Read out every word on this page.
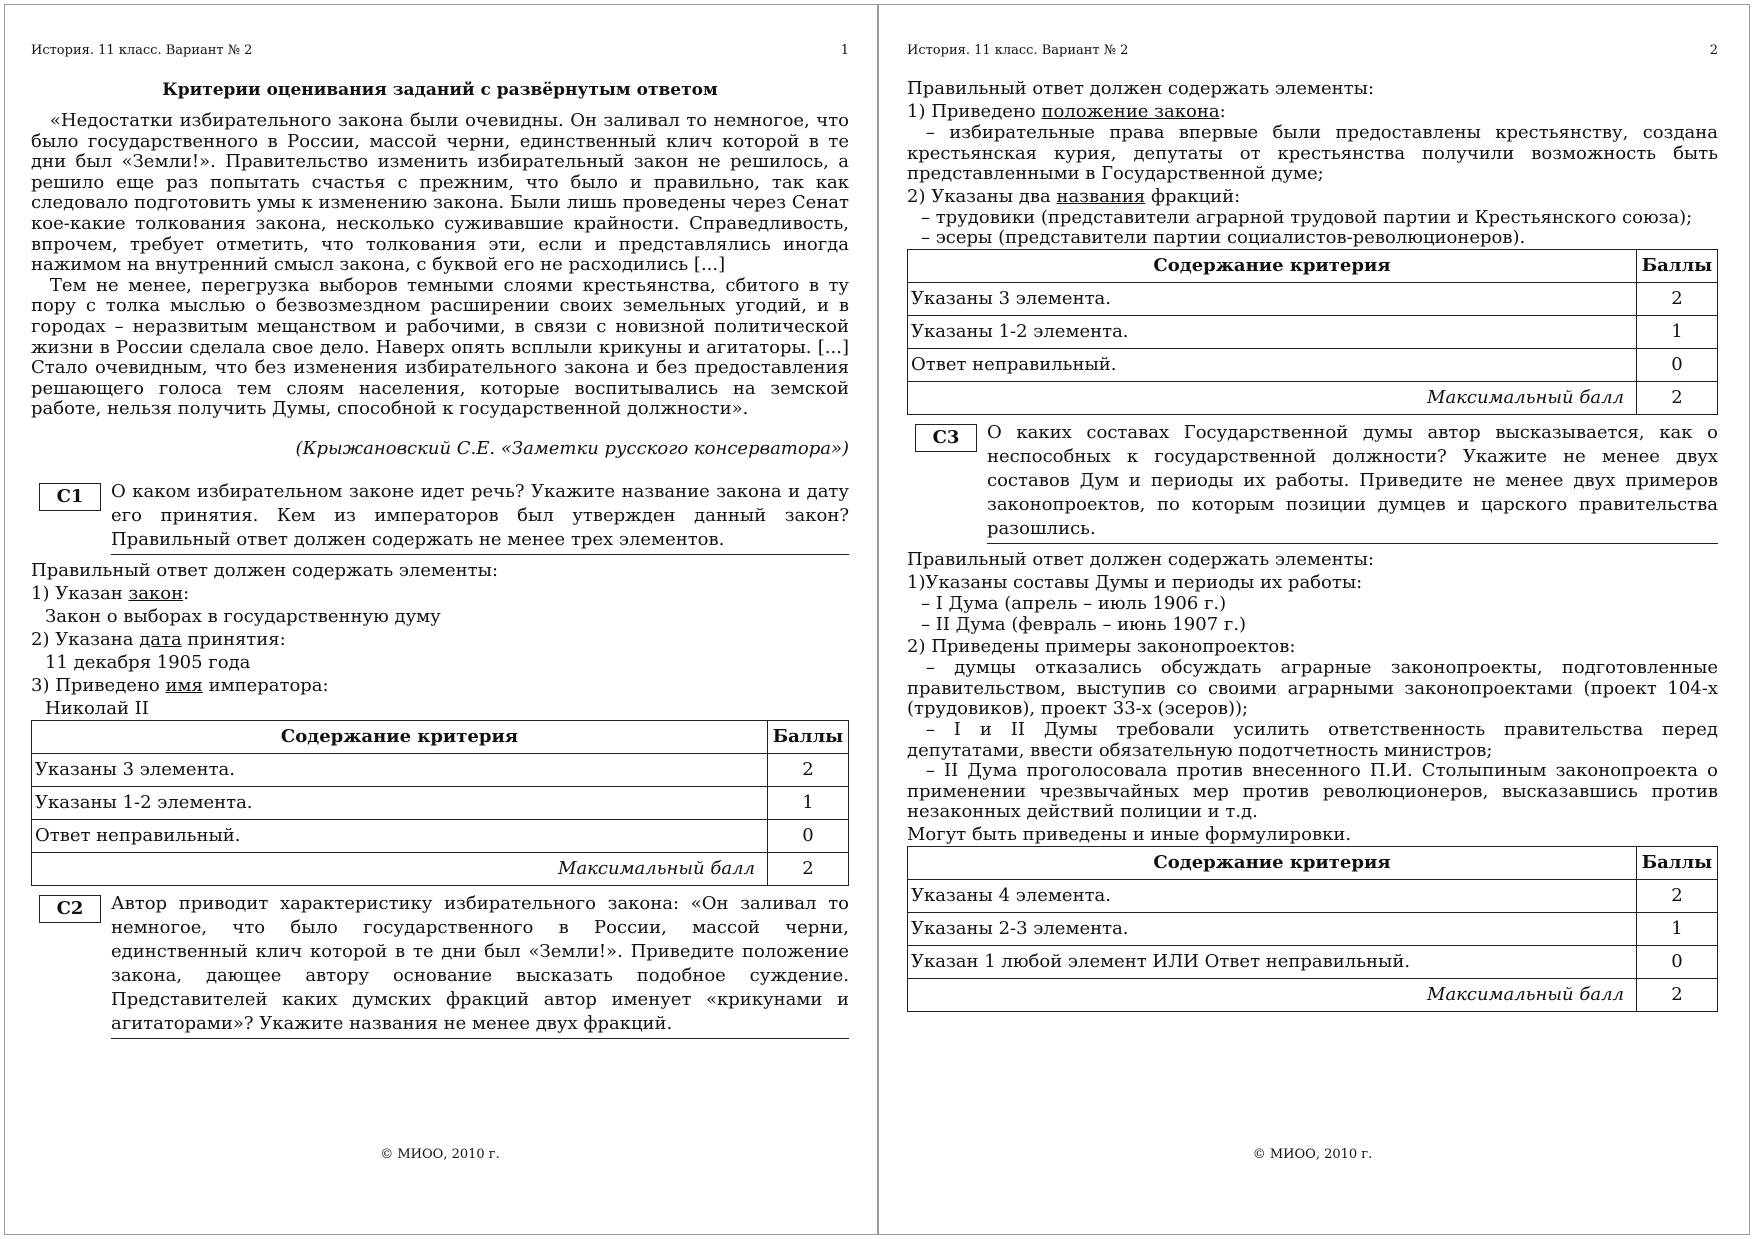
История. 11 класс. Вариант № 2	1
Критерии оценивания заданий с развёрнутым ответом

«Недостатки избирательного закона были очевидны. Он заливал то немногое, что было государственного в России, массой черни, единственный клич которой в те дни был «Земли!». Правительство изменить избирательный закон не решилось, а решило еще раз попытать счастья с прежним, что было и правильно, так как следовало подготовить умы к изменению закона. Были лишь проведены через Сенат кое-какие толкования закона, несколько суживавшие крайности. Справедливость, впрочем, требует отметить, что толкования эти, если и представлялись иногда нажимом на внутренний смысл закона, с буквой его не расходились [...]

Тем не менее, перегрузка выборов темными слоями крестьянства, сбитого в ту пору с толка мыслью о безвозмездном расширении своих земельных угодий, и в городах – неразвитым мещанством и рабочими, в связи с новизной политической жизни в России сделала свое дело. Наверх опять всплыли крикуны и агитаторы. [...] Стало очевидным, что без изменения избирательного закона и без предоставления решающего голоса тем слоям населения, которые воспитывались на земской работе, нельзя получить Думы, способной к государственной должности».

(Крыжановский С.Е. «Заметки русского консерватора»)
С1	О каком избирательном законе идет речь? Укажите название закона и дату его принятия. Кем из императоров был утвержден данный закон? Правильный ответ должен содержать не менее трех элементов.
Правильный ответ должен содержать элементы:
1) Указан закон:
Закон о выборах в государственную думу
2) Указана дата принятия:
11 декабря 1905 года
3) Приведено имя императора:
Николай II
Содержание критерия	Баллы
Указаны 3 элемента.	2
Указаны 1-2 элемента.	1
Ответ неправильный.	0
Максимальный балл	2
С2	Автор приводит характеристику избирательного закона: «Он заливал то немногое, что было государственного в России, массой черни, единственный клич которой в те дни был «Земли!». Приведите положение закона, дающее автору основание высказать подобное суждение. Представителей каких думских фракций автор именует «крикунами и агитаторами»? Укажите названия не менее двух фракций.
© МИОО, 2010 г.
История. 11 класс. Вариант № 2	2
Правильный ответ должен содержать элементы:
1) Приведено положение закона:

– избирательные права впервые были предоставлены крестьянству, создана крестьянская курия, депутаты от крестьянства получили возможность быть представленными в Государственной думе;

2) Указаны два названия фракций:
– трудовики (представители аграрной трудовой партии и Крестьянского союза);
– эсеры (представители партии социалистов-революционеров).
Содержание критерия	Баллы
Указаны 3 элемента.	2
Указаны 1-2 элемента.	1
Ответ неправильный.	0
Максимальный балл	2
С3	О каких составах Государственной думы автор высказывается, как о неспособных к государственной должности? Укажите не менее двух составов Дум и периоды их работы. Приведите не менее двух примеров законопроектов, по которым позиции думцев и царского правительства разошлись.
Правильный ответ должен содержать элементы:
1)Указаны составы Думы и периоды их работы:
– I Дума (апрель – июль 1906 г.)
– II Дума (февраль – июнь 1907 г.)
2) Приведены примеры законопроектов:

– думцы отказались обсуждать аграрные законопроекты, подготовленные правительством, выступив со своими аграрными законопроектами (проект 104-х (трудовиков), проект 33-х (эсеров));

– I и II Думы требовали усилить ответственность правительства перед депутатами, ввести обязательную подотчетность министров;

– II Дума проголосовала против внесенного П.И. Столыпиным законопроекта о применении чрезвычайных мер против революционеров, высказавшись против незаконных действий полиции и т.д.

Могут быть приведены и иные формулировки.
Содержание критерия	Баллы
Указаны 4 элемента.	2
Указаны 2-3 элемента.	1
Указан 1 любой элемент ИЛИ Ответ неправильный.	0
Максимальный балл	2
© МИОО, 2010 г.
